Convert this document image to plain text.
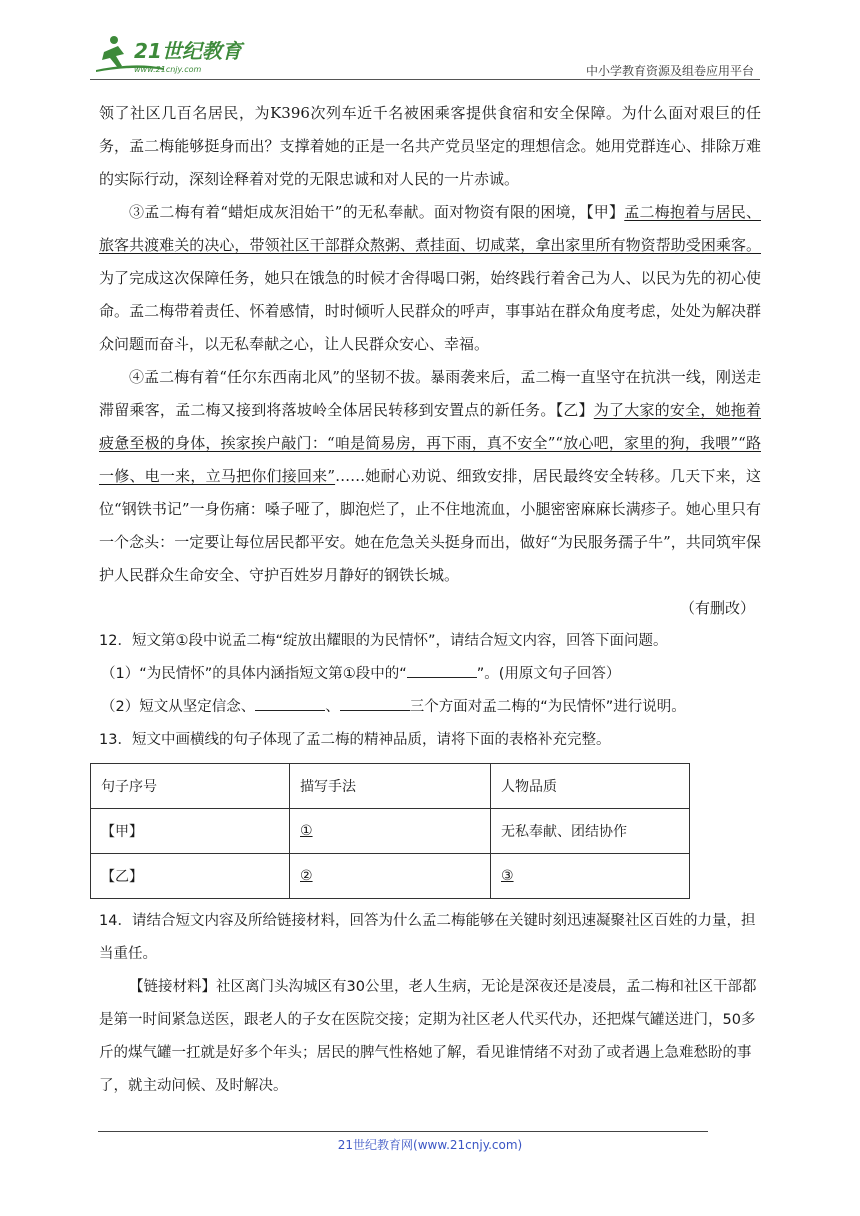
21世纪教育
www.21cnjy.com	中小学教育资源及组卷应用平台

领了社区几百名居民，为K396次列车近千名被困乘客提供食宿和安全保障。为什么面对艰巨的任务，孟二梅能够挺身而出？支撑着她的正是一名共产党员坚定的理想信念。她用党群连心、排除万难的实际行动，深刻诠释着对党的无限忠诚和对人民的一片赤诚。

③孟二梅有着“蜡炬成灰泪始干”的无私奉献。面对物资有限的困境，【甲】孟二梅抱着与居民、旅客共渡难关的决心，带领社区干部群众熬粥、煮挂面、切咸菜，拿出家里所有物资帮助受困乘客。为了完成这次保障任务，她只在饿急的时候才舍得喝口粥，始终践行着舍己为人、以民为先的初心使命。孟二梅带着责任、怀着感情，时时倾听人民群众的呼声，事事站在群众角度考虑，处处为解决群众问题而奋斗，以无私奉献之心，让人民群众安心、幸福。

④孟二梅有着“任尔东西南北风”的坚韧不拔。暴雨袭来后，孟二梅一直坚守在抗洪一线，刚送走滞留乘客，孟二梅又接到将落坡岭全体居民转移到安置点的新任务。【乙】为了大家的安全，她拖着疲惫至极的身体，挨家挨户敲门：“咱是简易房，再下雨，真不安全”“放心吧，家里的狗，我喂”“路一修、电一来，立马把你们接回来”……她耐心劝说、细致安排，居民最终安全转移。几天下来，这位“钢铁书记”一身伤痛：嗓子哑了，脚泡烂了，止不住地流血，小腿密密麻麻长满疹子。她心里只有一个念头：一定要让每位居民都平安。她在危急关头挺身而出，做好“为民服务孺子牛”，共同筑牢保护人民群众生命安全、守护百姓岁月静好的钢铁长城。

（有删改）

12．短文第①段中说孟二梅“绽放出耀眼的为民情怀”，请结合短文内容，回答下面问题。

（1）“为民情怀”的具体内涵指短文第①段中的“	”。(用原文句子回答）

（2）短文从坚定信念、	、	三个方面对孟二梅的“为民情怀”进行说明。

13．短文中画横线的句子体现了孟二梅的精神品质，请将下面的表格补充完整。

句子序号	描写手法	人物品质
【甲】	①	无私奉献、团结协作
【乙】	②	③

14．请结合短文内容及所给链接材料，回答为什么孟二梅能够在关键时刻迅速凝聚社区百姓的力量，担当重任。

【链接材料】社区离门头沟城区有30公里，老人生病，无论是深夜还是凌晨，孟二梅和社区干部都是第一时间紧急送医，跟老人的子女在医院交接；定期为社区老人代买代办，还把煤气罐送进门，50多斤的煤气罐一扛就是好多个年头；居民的脾气性格她了解，看见谁情绪不对劲了或者遇上急难愁盼的事了，就主动问候、及时解决。

21世纪教育网(www.21cnjy.com)
